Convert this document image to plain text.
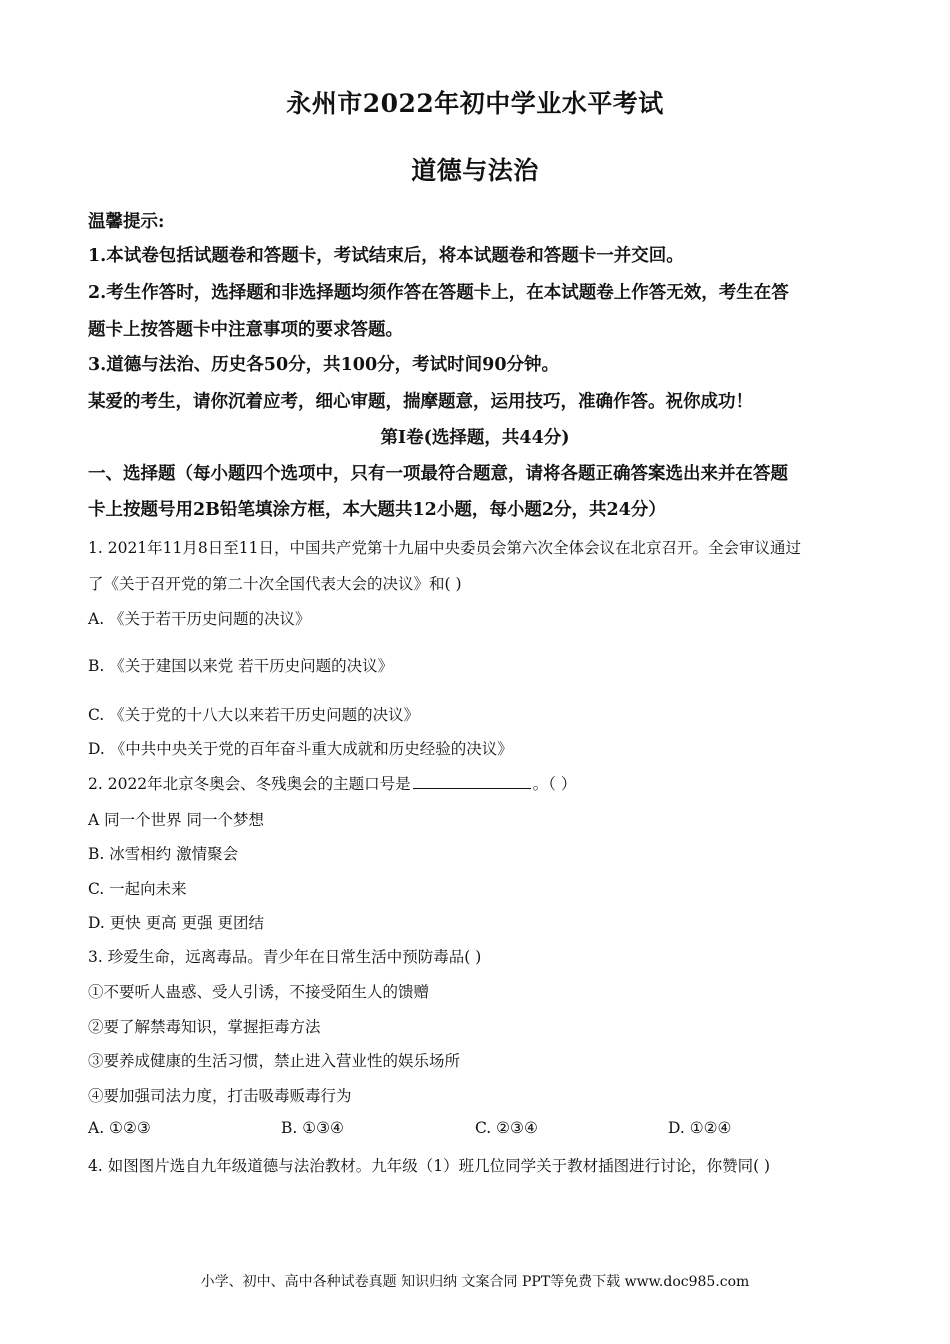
永州市2022年初中学业水平考试
道德与法治
温馨提示:
1.本试卷包括试题卷和答题卡，考试结束后，将本试题卷和答题卡一并交回。
2.考生作答时，选择题和非选择题均须作答在答题卡上，在本试题卷上作答无效，考生在答
题卡上按答题卡中注意事项的要求答题。
3.道德与法治、历史各50分，共100分，考试时间90分钟。
某爱的考生，请你沉着应考，细心审题，揣摩题意，运用技巧，准确作答。祝你成功！
第Ⅰ卷(选择题，共44分)
一、选择题（每小题四个选项中，只有一项最符合题意，请将各题正确答案选出来并在答题
卡上按题号用2B铅笔填涂方框，本大题共12小题，每小题2分，共24分）
1. 2021年11月8日至11日，中国共产党第十九届中央委员会第六次全体会议在北京召开。全会审议通过
了《关于召开党的第二十次全国代表大会的决议》和( )
A. 《关于若干历史问题的决议》
B. 《关于建国以来党 若干历史问题的决议》
C. 《关于党的十八大以来若干历史问题的决议》
D. 《中共中央关于党的百年奋斗重大成就和历史经验的决议》
2. 2022年北京冬奥会、冬残奥会的主题口号是	。（ ）
A 同一个世界 同一个梦想
B. 冰雪相约 激情聚会
C. 一起向未来
D. 更快 更高 更强 更团结
3. 珍爱生命，远离毒品。青少年在日常生活中预防毒品( )
①不要听人蛊惑、受人引诱，不接受陌生人的馈赠
②要了解禁毒知识，掌握拒毒方法
③要养成健康的生活习惯，禁止进入营业性的娱乐场所
④要加强司法力度，打击吸毒贩毒行为
A. ①②③	B. ①③④	C. ②③④	D. ①②④
4. 如图图片选自九年级道德与法治教材。九年级（1）班几位同学关于教材插图进行讨论，你赞同( )
小学、初中、高中各种试卷真题 知识归纳 文案合同 PPT等免费下载 www.doc985.com
